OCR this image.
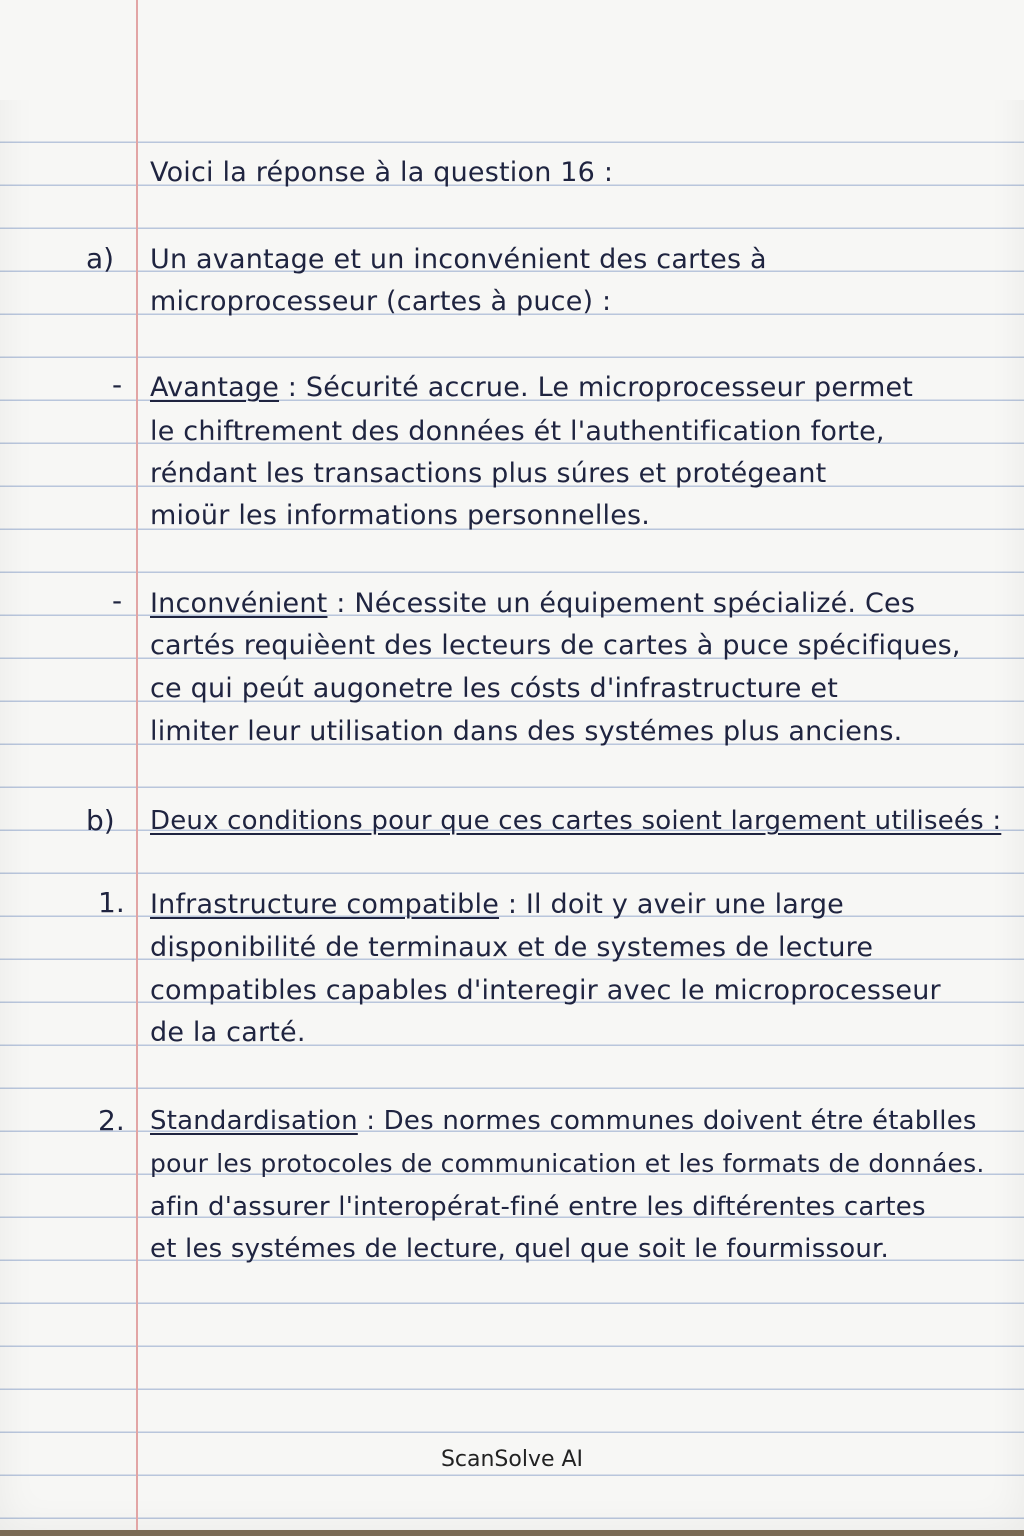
Voici la réponse à la question 16 :
a) Un avantage et un inconvénient des cartes à
microprocesseur (cartes à puce) :
- Avantage : Sécurité accrue. Le microprocesseur permet
le chiftrement des données ét l'authentification forte,
réndant les transactions plus súres et protégeant
mioür les informations personnelles.
- Inconvénient : Nécessite un équipement spécializé. Ces
cartés requièent des lecteurs de cartes à puce spécifiques,
ce qui peút augonetre les cósts d'infrastructure et
limiter leur utilisation dans des systémes plus anciens.
b) Deux conditions pour que ces cartes soient largement utiliseés :
1. Infrastructure compatible : Il doit y aveir une large
disponibilité de terminaux et de systemes de lecture
compatibles capables d'interegir avec le microprocesseur
de la carté.
2. Standardisation : Des normes communes doivent étre étabIles
pour les protocoles de communication et les formats de donnáes.
afin d'assurer l'interopérat-finé entre les diftérentes cartes
et les systémes de lecture, quel que soit le fourmissour.
ScanSolve AI
